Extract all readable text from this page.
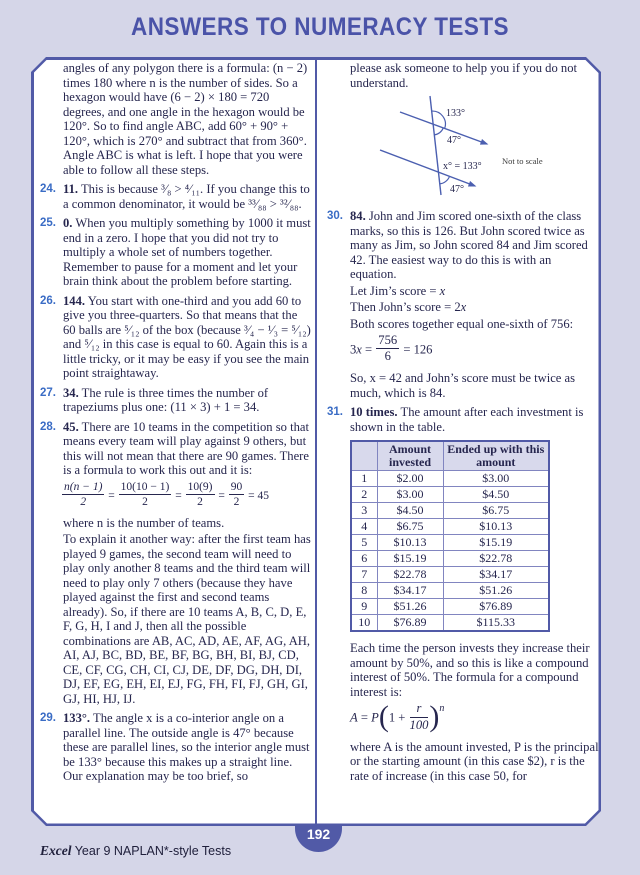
ANSWERS TO NUMERACY TESTS
angles of any polygon there is a formula: (n − 2) times 180 where n is the number of sides. So a hexagon would have (6 − 2) × 180 = 720 degrees, and one angle in the hexagon would be 120°. So to find angle ABC, add 60° + 90° + 120°, which is 270° and subtract that from 360°. Angle ABC is what is left. I hope that you were able to follow all these steps.
24. 11. This is because ³⁄₈ > ⁴⁄₁₁. If you change this to a common denominator, it would be ³³⁄₈₈ > ³²⁄₈₈.
25. 0. When you multiply something by 1000 it must end in a zero. I hope that you did not try to multiply a whole set of numbers together. Remember to pause for a moment and let your brain think about the problem before starting.
26. 144. You start with one-third and you add 60 to give you three-quarters. So that means that the 60 balls are ⁵⁄₁₂ of the box (because ³⁄₄ − ¹⁄₃ = ⁵⁄₁₂) and ⁵⁄₁₂ in this case is equal to 60. Again this is a little tricky, or it may be easy if you see the main point straightaway.
27. 34. The rule is three times the number of trapeziums plus one: (11 × 3) + 1 = 34.
28. 45. There are 10 teams in the competition so that means every team will play against 9 others, but this will not mean that there are 90 games. There is a formula to work this out and it is:
$\frac{n(n - 1)}{2} = \frac{10(10 - 1)}{2} = \frac{10(9)}{2} = \frac{90}{2} = 45$
where n is the number of teams.
To explain it another way: after the first team has played 9 games, the second team will need to play only another 8 teams and the third team will need to play only 7 others (because they have played against the first and second teams already). So, if there are 10 teams A, B, C, D, E, F, G, H, I and J, then all the possible combinations are AB, AC, AD, AE, AF, AG, AH, AI, AJ, BC, BD, BE, BF, BG, BH, BI, BJ, CD, CE, CF, CG, CH, CI, CJ, DE, DF, DG, DH, DI, DJ, EF, EG, EH, EI, EJ, FG, FH, FI, FJ, GH, GI, GJ, HI, HJ, IJ.
29. 133°. The angle x is a co-interior angle on a parallel line. The outside angle is 47° because these are parallel lines, so the interior angle must be 133° because this makes up a straight line. Our explanation may be too brief, so
please ask someone to help you if you do not understand.
133°
47°
x° = 133°
47°
Not to scale
30. 84. John and Jim scored one-sixth of the class marks, so this is 126. But John scored twice as many as Jim, so John scored 84 and Jim scored 42. The easiest way to do this is with an equation.
Let Jim’s score = x
Then John’s score = 2x
Both scores together equal one-sixth of 756:
$3x = \frac{756}{6} = 126$
So, x = 42 and John’s score must be twice as much, which is 84.
31. 10 times. The amount after each investment is shown in the table.
	Amount invested	Ended up with this amount
1	$2.00	$3.00
2	$3.00	$4.50
3	$4.50	$6.75
4	$6.75	$10.13
5	$10.13	$15.19
6	$15.19	$22.78
7	$22.78	$34.17
8	$34.17	$51.26
9	$51.26	$76.89
10	$76.89	$115.33
Each time the person invests they increase their amount by 50%, and so this is like a compound interest of 50%. The formula for a compound interest is:
$A = P(1 + \frac{r}{100} )^n$
where A is the amount invested, P is the principal or the starting amount (in this case $2), r is the rate of increase (in this case 50, for
192
Excel Year 9 NAPLAN*-style Tests
